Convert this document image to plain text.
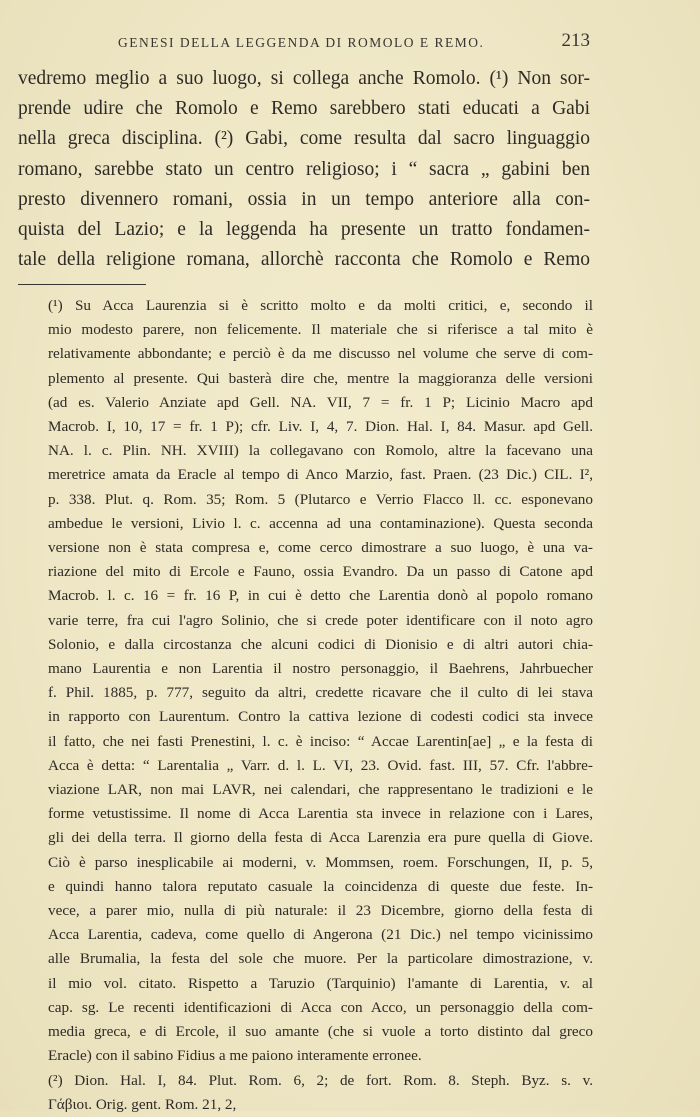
GENESI DELLA LEGGENDA DI ROMOLO E REMO.	213
vedremo meglio a suo luogo, si collega anche Romolo. (¹) Non sor-
prende udire che Romolo e Remo sarebbero stati educati a Gabi
nella greca disciplina. (²) Gabi, come resulta dal sacro linguaggio
romano, sarebbe stato un centro religioso; i “ sacra „ gabini ben
presto divennero romani, ossia in un tempo anteriore alla con-
quista del Lazio; e la leggenda ha presente un tratto fondamen-
tale della religione romana, allorchè racconta che Romolo e Remo
(¹) Su Acca Laurenzia si è scritto molto e da molti critici, e, secondo il
mio modesto parere, non felicemente. Il materiale che si riferisce a tal mito è
relativamente abbondante; e perciò è da me discusso nel volume che serve di com-
plemento al presente. Qui basterà dire che, mentre la maggioranza delle versioni
(ad es. Valerio Anziate apd Gell. NA. VII, 7 = fr. 1 P; Licinio Macro apd
Macrob. I, 10, 17 = fr. 1 P); cfr. Liv. I, 4, 7. Dion. Hal. I, 84. Masur. apd Gell.
NA. l. c. Plin. NH. XVIII) la collegavano con Romolo, altre la facevano una
meretrice amata da Eracle al tempo di Anco Marzio, fast. Praen. (23 Dic.) CIL. I²,
p. 338. Plut. q. Rom. 35; Rom. 5 (Plutarco e Verrio Flacco ll. cc. esponevano
ambedue le versioni, Livio l. c. accenna ad una contaminazione). Questa seconda
versione non è stata compresa e, come cerco dimostrare a suo luogo, è una va-
riazione del mito di Ercole e Fauno, ossia Evandro. Da un passo di Catone apd
Macrob. l. c. 16 = fr. 16 P, in cui è detto che Larentia donò al popolo romano
varie terre, fra cui l'agro Solinio, che si crede poter identificare con il noto agro
Solonio, e dalla circostanza che alcuni codici di Dionisio e di altri autori chia-
mano Laurentia e non Larentia il nostro personaggio, il Baehrens, Jahrbuecher
f. Phil. 1885, p. 777, seguito da altri, credette ricavare che il culto di lei stava
in rapporto con Laurentum. Contro la cattiva lezione di codesti codici sta invece
il fatto, che nei fasti Prenestini, l. c. è inciso: “ Accae Larentin[ae] „ e la festa di
Acca è detta: “ Larentalia „ Varr. d. l. L. VI, 23. Ovid. fast. III, 57. Cfr. l'abbre-
viazione LAR, non mai LAVR, nei calendari, che rappresentano le tradizioni e le
forme vetustissime. Il nome di Acca Larentia sta invece in relazione con i Lares,
gli dei della terra. Il giorno della festa di Acca Larenzia era pure quella di Giove.
Ciò è parso inesplicabile ai moderni, v. Mommsen, roem. Forschungen, II, p. 5,
e quindi hanno talora reputato casuale la coincidenza di queste due feste. In-
vece, a parer mio, nulla di più naturale: il 23 Dicembre, giorno della festa di
Acca Larentia, cadeva, come quello di Angerona (21 Dic.) nel tempo vicinissimo
alle Brumalia, la festa del sole che muore. Per la particolare dimostrazione, v.
il mio vol. citato. Rispetto a Taruzio (Tarquinio) l'amante di Larentia, v. al
cap. sg. Le recenti identificazioni di Acca con Acco, un personaggio della com-
media greca, e di Ercole, il suo amante (che si vuole a torto distinto dal greco
Eracle) con il sabino Fidius a me paiono interamente erronee.
(²) Dion. Hal. I, 84. Plut. Rom. 6, 2; de fort. Rom. 8. Steph. Byz. s. v.
Γάβιοι. Orig. gent. Rom. 21, 2,
